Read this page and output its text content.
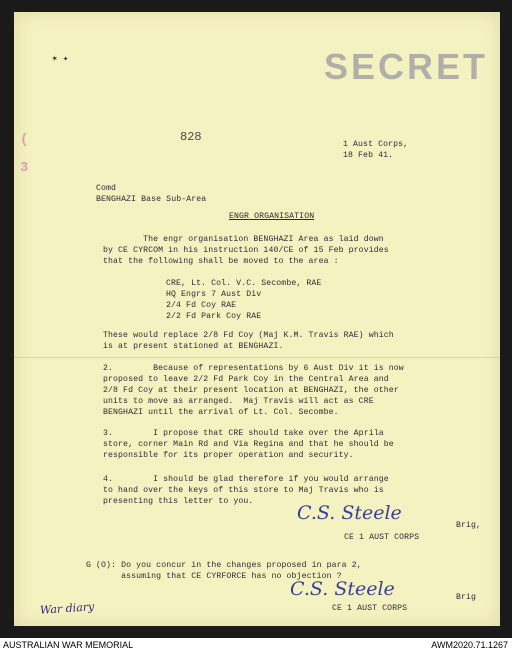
✶ ✦	SECRET
(
3
828
1 Aust Corps,
18 Feb 41.
Comd
BENGHAZI Base Sub-Area
ENGR ORGANISATION
The engr organisation BENGHAZI Area as laid down
by CE CYRCOM in his instruction 140/CE of 15 Feb provides
that the following shall be moved to the area :
CRE, Lt. Col. V.C. Secombe, RAE
HQ Engrs 7 Aust Div
2/4 Fd Coy RAE
2/2 Fd Park Coy RAE
These would replace 2/8 Fd Coy (Maj K.M. Travis RAE) which
is at present stationed at BENGHAZI.
2.        Because of representations by 6 Aust Div it is now
proposed to leave 2/2 Fd Park Coy in the Central Area and
2/8 Fd Coy at their present location at BENGHAZI, the other
units to move as arranged.  Maj Travis will act as CRE
BENGHAZI until the arrival of Lt. Col. Secombe.
3.        I propose that CRE should take over the Aprila
store, corner Main Rd and Via Regina and that he should be
responsible for its proper operation and security.
4.        I should be glad therefore if you would arrange
to hand over the keys of this store to Maj Travis who is
presenting this letter to you.
C.S. Steele
Brig,
CE 1 AUST CORPS
G (O): Do you concur in the changes proposed in para 2,
assuming that CE CYRFORCE has no objection ?
C.S. Steele	Brig
CE 1 AUST CORPS
War diary
AUSTRALIAN WAR MEMORIAL	AWM2020.71.1267
